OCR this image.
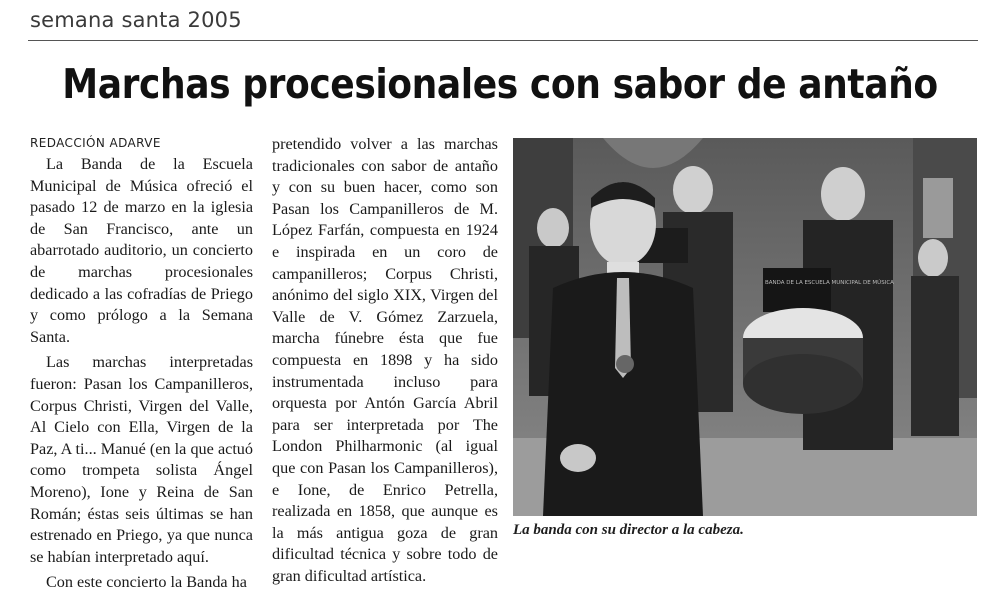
semana santa 2005
Marchas procesionales con sabor de antaño
REDACCIÓN ADARVE

La Banda de la Escuela Municipal de Música ofreció el pasado 12 de marzo en la iglesia de San Francisco, ante un abarrotado auditorio, un concierto de marchas procesionales dedicado a las cofradías de Priego y como prólogo a la Semana Santa.

Las marchas interpretadas fueron: Pasan los Campanilleros, Corpus Christi, Virgen del Valle, Al Cielo con Ella, Virgen de la Paz, A ti... Manué (en la que actuó como trompeta solista Ángel Moreno), Ione y Reina de San Román; éstas seis últimas se han estrenado en Priego, ya que nunca se habían interpretado aquí.

Con este concierto la Banda ha

pretendido volver a las marchas tradicionales con sabor de antaño y con su buen hacer, como son Pasan los Campanilleros de M. López Farfán, compuesta en 1924 e inspirada en un coro de campanilleros; Corpus Christi, anónimo del siglo XIX, Virgen del Valle de V. Gómez Zarzuela, marcha fúnebre ésta que fue compuesta en 1898 y ha sido instrumentada incluso para orquesta por Antón García Abril para ser interpretada por The London Philharmonic (al igual que con Pasan los Campanilleros), e Ione, de Enrico Petrella, realizada en 1858, que aunque es la más antigua goza de gran dificultad técnica y sobre todo de gran dificultad artística.

BANDA DE LA ESCUELA MUNICIPAL DE MÚSICA
La banda con su director a la cabeza.
